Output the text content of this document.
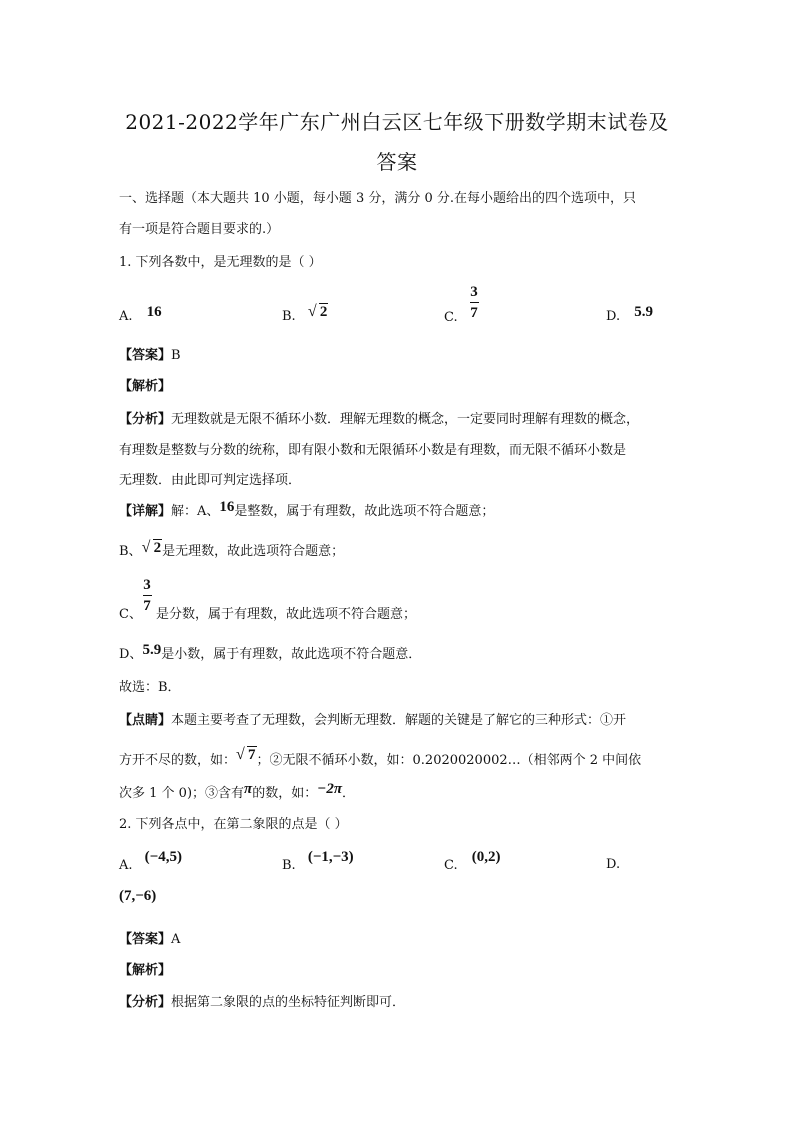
2021-2022学年广东广州白云区七年级下册数学期末试卷及
答案
一、选择题（本大题共 10 小题，每小题 3 分，满分 0 分.在每小题给出的四个选项中，只
有一项是符合题目要求的.）
1. 下列各数中，是无理数的是（ ）
A. 16	B. √ 2	C.
3
7	D. 5.9
【答案】B
【解析】
【分析】无理数就是无限不循环小数．理解无理数的概念，一定要同时理解有理数的概念，
有理数是整数与分数的统称，即有限小数和无限循环小数是有理数，而无限不循环小数是
无理数．由此即可判定选择项．
【详解】解：A、16是整数，属于有理数，故此选项不符合题意；
B、 √ 2是无理数，故此选项符合题意；
3
7
C、 是分数，属于有理数，故此选项不符合题意；
D、5.9是小数，属于有理数，故此选项不符合题意．
故选：B．
【点睛】本题主要考查了无理数，会判断无理数．解题的关键是了解它的三种形式：①开
方开不尽的数，如： √ 7；②无限不循环小数，如：0.2020020002…（相邻两个 2 中间依
次多 1 个 0)；③含有π的数，如：−2π．
2. 下列各点中，在第二象限的点是（ ）
A. (−4,5)
B. (−1,−3)
C. (0,2)	D.
(7,−6)
【答案】A
【解析】
【分析】根据第二象限的点的坐标特征判断即可．
